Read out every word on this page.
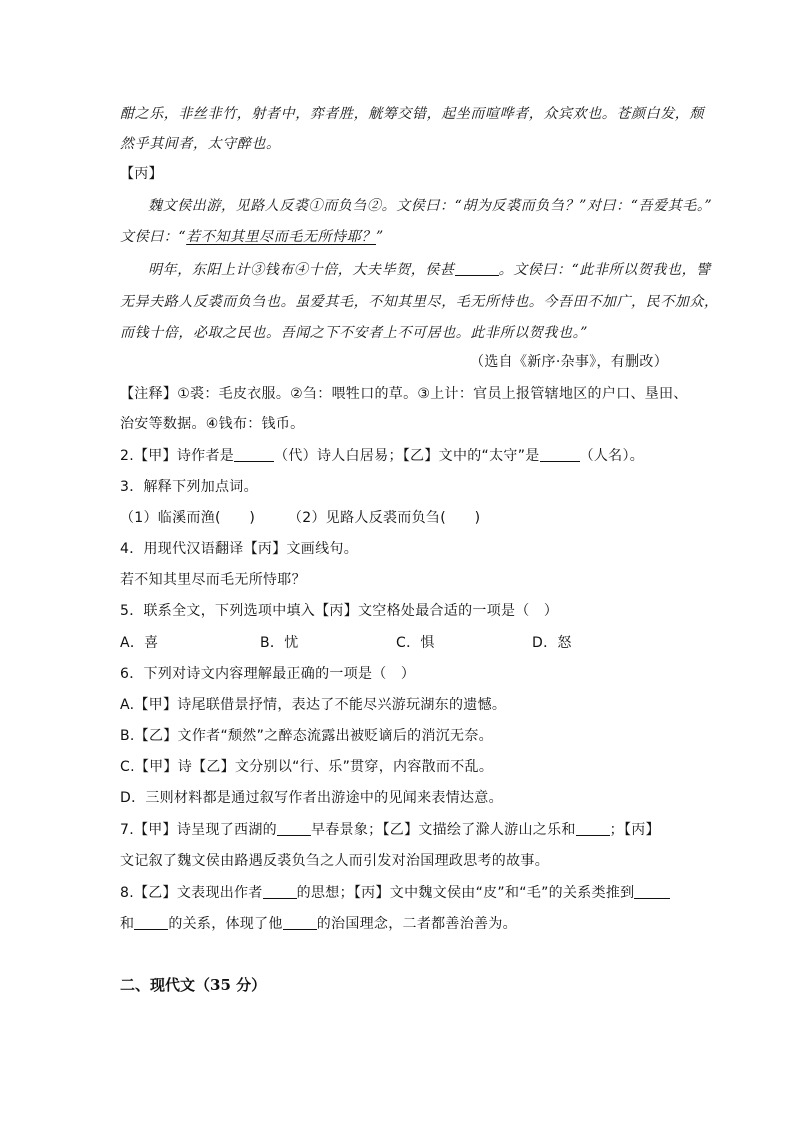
酣之乐，非丝非竹，射者中，弈者胜，觥筹交错，起坐而喧哗者，众宾欢也。苍颜白发，颓
然乎其间者，太守醉也。
【丙】
魏文侯出游，见路人反裘①而负刍②。文侯曰：“胡为反裘而负刍？”对曰：“吾爱其毛。”
文侯曰：“若不知其里尽而毛无所恃耶？”
明年，东阳上计③钱布④十倍，大夫毕贺，侯甚	。文侯曰：“此非所以贺我也，譬
无异夫路人反裘而负刍也。虽爱其毛，不知其里尽，毛无所恃也。今吾田不加广，民不加众，
而钱十倍，必取之民也。吾闻之下不安者上不可居也。此非所以贺我也。”
（选自《新序·杂事》，有删改）
【注释】①裘：毛皮衣服。②刍：喂牲口的草。③上计：官员上报管辖地区的户口、垦田、
治安等数据。④钱布：钱币。
2.【甲】诗作者是	（代）诗人白居易；【乙】文中的“太守”是	（人名）。
3．解释下列加点词。
（1）临溪而渔(　　) （2）见路人反裘而负刍(　　)
4．用现代汉语翻译【丙】文画线句。
若不知其里尽而毛无所恃耶？
5．联系全文，下列选项中填入【丙】文空格处最合适的一项是（　）
A．喜	B．忧	C．惧	D．怒
6．下列对诗文内容理解最正确的一项是（　）
A.【甲】诗尾联借景抒情，表达了不能尽兴游玩湖东的遗憾。
B.【乙】文作者“颓然”之醉态流露出被贬谪后的消沉无奈。
C.【甲】诗【乙】文分别以“行、乐”贯穿，内容散而不乱。
D．三则材料都是通过叙写作者出游途中的见闻来表情达意。
7.【甲】诗呈现了西湖的 早春景象；【乙】文描绘了滁人游山之乐和 ；【丙】
文记叙了魏文侯由路遇反裘负刍之人而引发对治国理政思考的故事。
8.【乙】文表现出作者 的思想；【丙】文中魏文侯由“皮”和“毛”的关系类推到
和 的关系，体现了他 的治国理念，二者都善治善为。
二、现代文（35 分）
